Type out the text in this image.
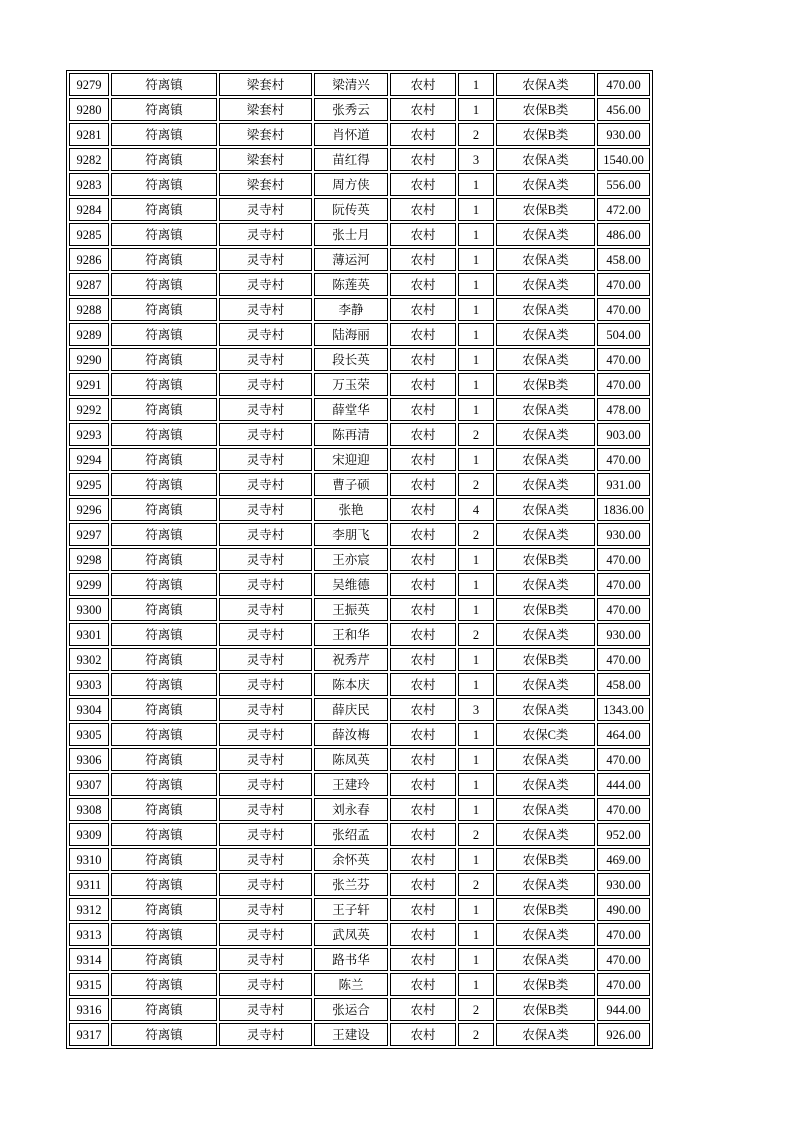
9279	符离镇	梁套村	梁清兴	农村	1	农保A类	470.00
9280	符离镇	梁套村	张秀云	农村	1	农保B类	456.00
9281	符离镇	梁套村	肖怀道	农村	2	农保B类	930.00
9282	符离镇	梁套村	苗红得	农村	3	农保A类	1540.00
9283	符离镇	梁套村	周方侠	农村	1	农保A类	556.00
9284	符离镇	灵寺村	阮传英	农村	1	农保B类	472.00
9285	符离镇	灵寺村	张士月	农村	1	农保A类	486.00
9286	符离镇	灵寺村	薄运河	农村	1	农保A类	458.00
9287	符离镇	灵寺村	陈莲英	农村	1	农保A类	470.00
9288	符离镇	灵寺村	李静	农村	1	农保A类	470.00
9289	符离镇	灵寺村	陆海丽	农村	1	农保A类	504.00
9290	符离镇	灵寺村	段长英	农村	1	农保A类	470.00
9291	符离镇	灵寺村	万玉荣	农村	1	农保B类	470.00
9292	符离镇	灵寺村	薛堂华	农村	1	农保A类	478.00
9293	符离镇	灵寺村	陈再清	农村	2	农保A类	903.00
9294	符离镇	灵寺村	宋迎迎	农村	1	农保A类	470.00
9295	符离镇	灵寺村	曹子硕	农村	2	农保A类	931.00
9296	符离镇	灵寺村	张艳	农村	4	农保A类	1836.00
9297	符离镇	灵寺村	李朋飞	农村	2	农保A类	930.00
9298	符离镇	灵寺村	王亦宸	农村	1	农保B类	470.00
9299	符离镇	灵寺村	吴维德	农村	1	农保A类	470.00
9300	符离镇	灵寺村	王振英	农村	1	农保B类	470.00
9301	符离镇	灵寺村	王和华	农村	2	农保A类	930.00
9302	符离镇	灵寺村	祝秀芹	农村	1	农保B类	470.00
9303	符离镇	灵寺村	陈本庆	农村	1	农保A类	458.00
9304	符离镇	灵寺村	薛庆民	农村	3	农保A类	1343.00
9305	符离镇	灵寺村	薛汝梅	农村	1	农保C类	464.00
9306	符离镇	灵寺村	陈凤英	农村	1	农保A类	470.00
9307	符离镇	灵寺村	王建玲	农村	1	农保A类	444.00
9308	符离镇	灵寺村	刘永春	农村	1	农保A类	470.00
9309	符离镇	灵寺村	张绍孟	农村	2	农保A类	952.00
9310	符离镇	灵寺村	余怀英	农村	1	农保B类	469.00
9311	符离镇	灵寺村	张兰芬	农村	2	农保A类	930.00
9312	符离镇	灵寺村	王子轩	农村	1	农保B类	490.00
9313	符离镇	灵寺村	武凤英	农村	1	农保A类	470.00
9314	符离镇	灵寺村	路书华	农村	1	农保A类	470.00
9315	符离镇	灵寺村	陈兰	农村	1	农保B类	470.00
9316	符离镇	灵寺村	张运合	农村	2	农保B类	944.00
9317	符离镇	灵寺村	王建设	农村	2	农保A类	926.00
